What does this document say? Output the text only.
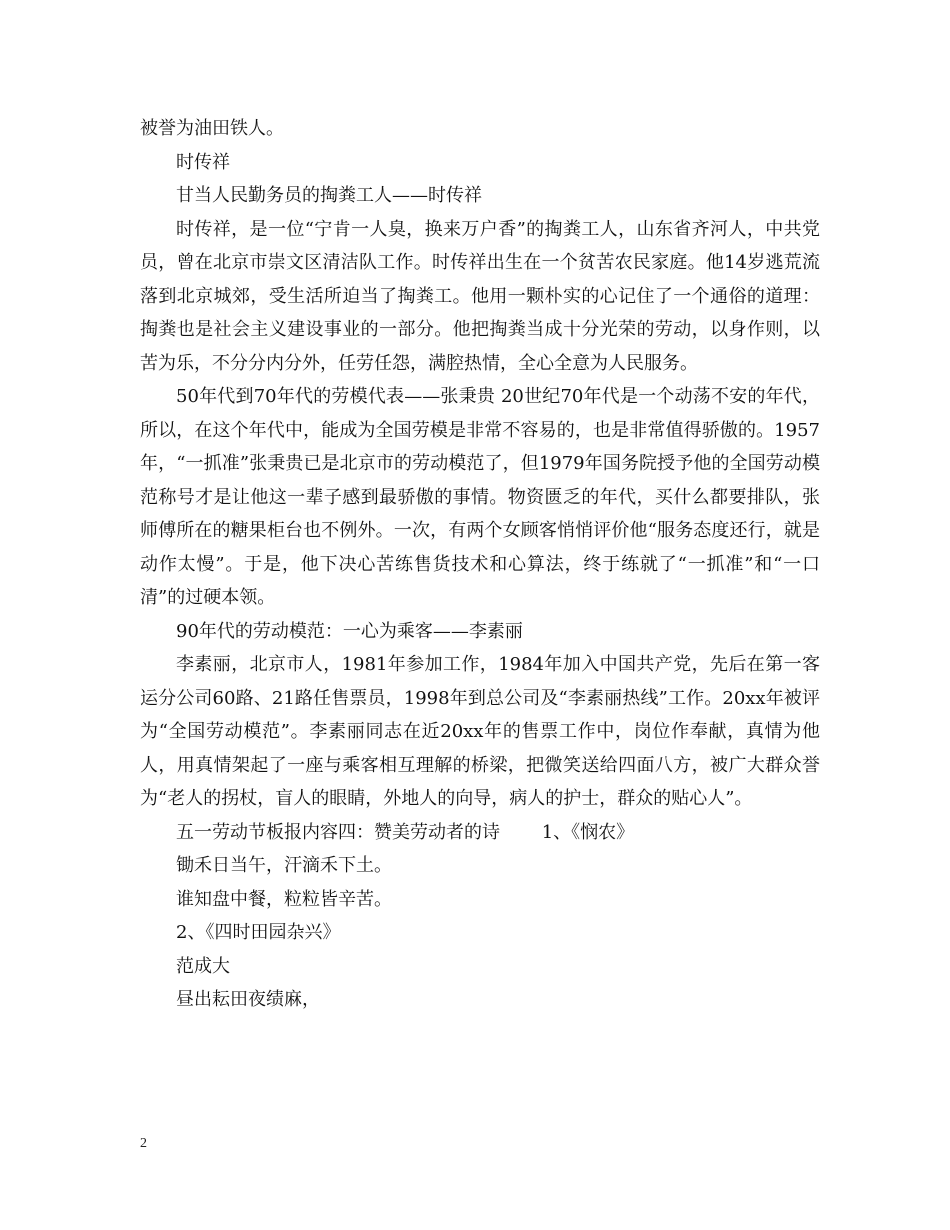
被誉为油田铁人。

时传祥

甘当人民勤务员的掏粪工人——时传祥

时传祥，是一位“宁肯一人臭，换来万户香”的掏粪工人，山东省齐河人，中共党员，曾在北京市崇文区清洁队工作。时传祥出生在一个贫苦农民家庭。他14岁逃荒流落到北京城郊，受生活所迫当了掏粪工。他用一颗朴实的心记住了一个通俗的道理：掏粪也是社会主义建设事业的一部分。他把掏粪当成十分光荣的劳动，以身作则，以苦为乐，不分分内分外，任劳任怨，满腔热情，全心全意为人民服务。

50年代到70年代的劳模代表——张秉贵 20世纪70年代是一个动荡不安的年代，所以，在这个年代中，能成为全国劳模是非常不容易的，也是非常值得骄傲的。1957年，“一抓准”张秉贵已是北京市的劳动模范了，但1979年国务院授予他的全国劳动模范称号才是让他这一辈子感到最骄傲的事情。物资匮乏的年代，买什么都要排队，张师傅所在的糖果柜台也不例外。一次，有两个女顾客悄悄评价他“服务态度还行，就是动作太慢”。于是，他下决心苦练售货技术和心算法，终于练就了“一抓准”和“一口清”的过硬本领。

90年代的劳动模范：一心为乘客——李素丽

李素丽，北京市人，1981年参加工作，1984年加入中国共产党，先后在第一客运分公司60路、21路任售票员，1998年到总公司及“李素丽热线”工作。20xx年被评为“全国劳动模范”。李素丽同志在近20xx年的售票工作中，岗位作奉献，真情为他人，用真情架起了一座与乘客相互理解的桥梁，把微笑送给四面八方，被广大群众誉为“老人的拐杖，盲人的眼睛，外地人的向导，病人的护士，群众的贴心人”。

五一劳动节板报内容四：赞美劳动者的诗　　 1、《悯农》

锄禾日当午，汗滴禾下土。

谁知盘中餐，粒粒皆辛苦。

2、《四时田园杂兴》

范成大

昼出耘田夜绩麻，

2
